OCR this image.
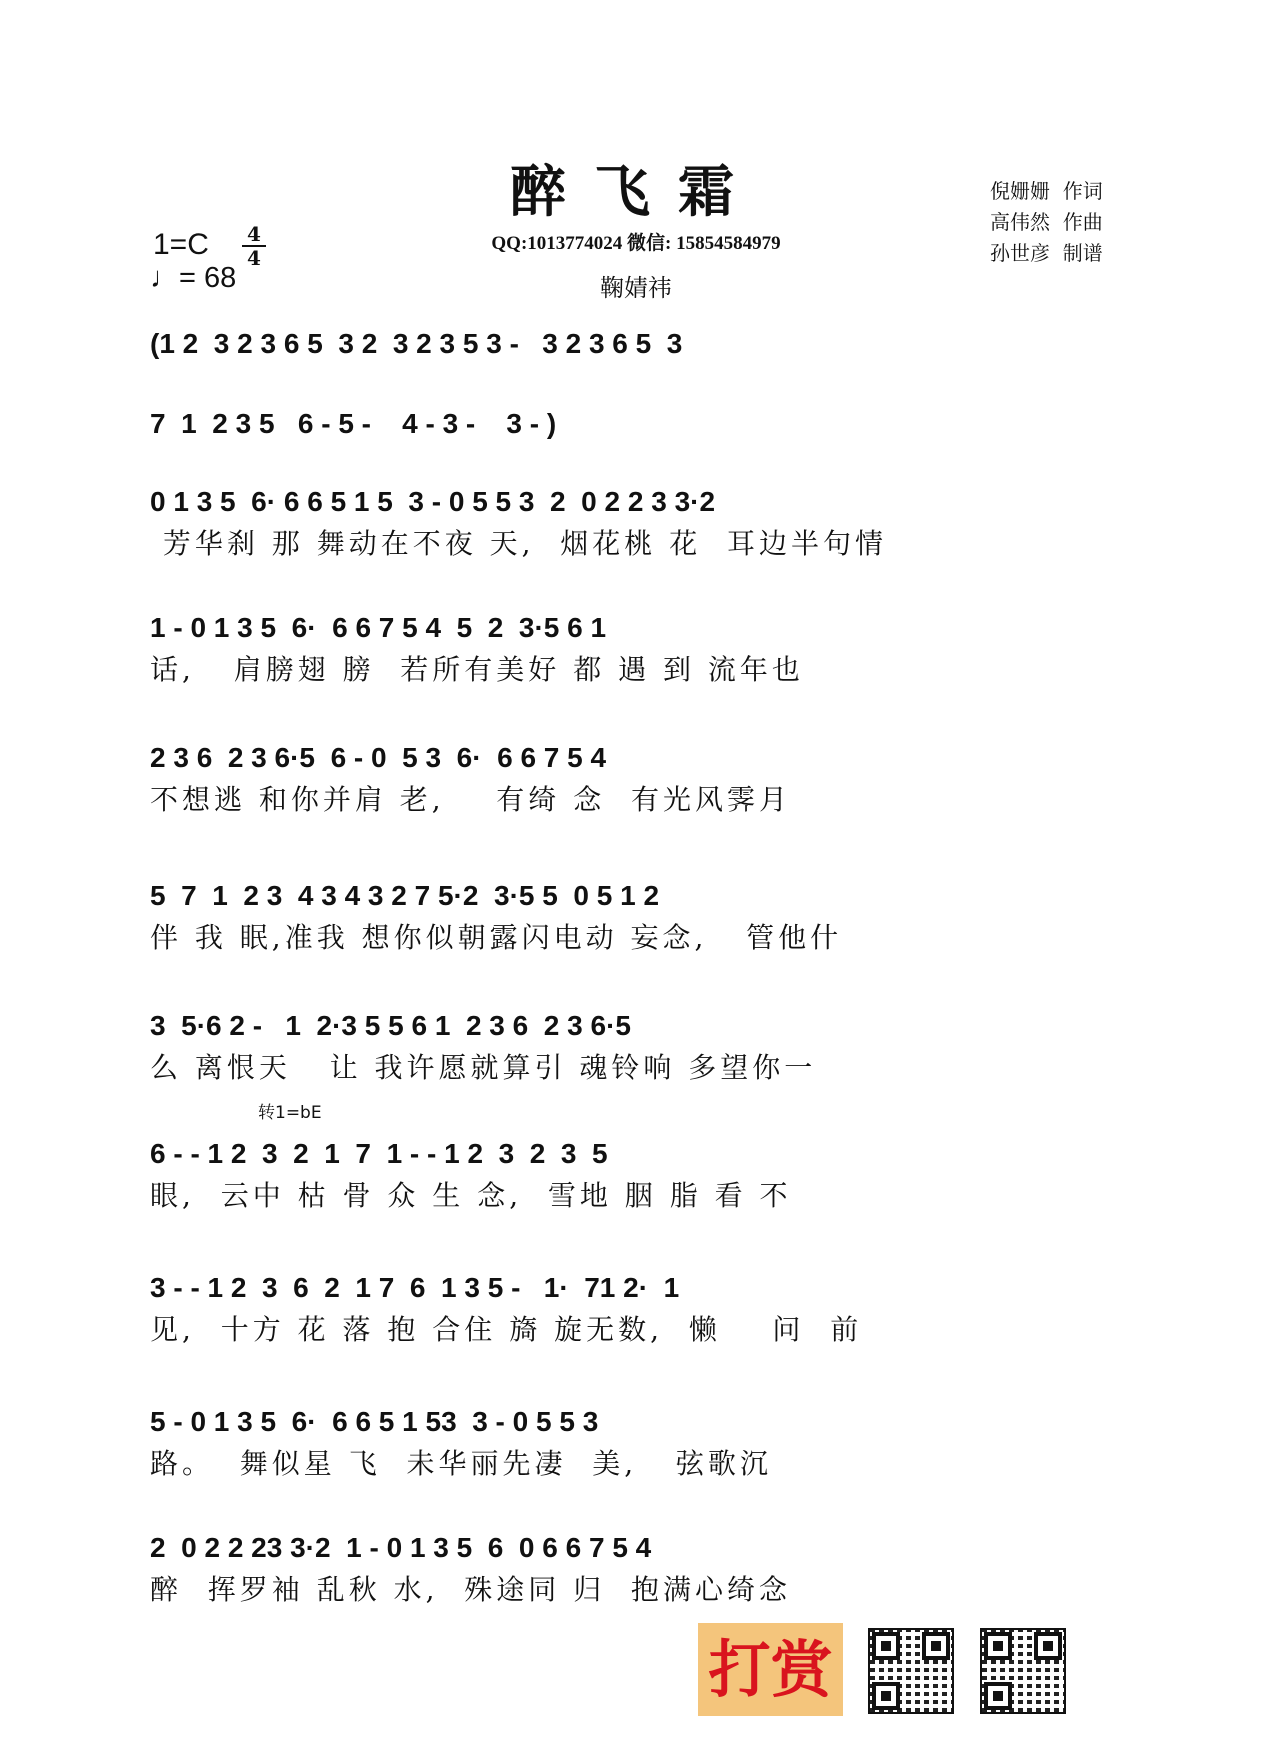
醉飞霜
QQ:1013774024 微信: 15854584979
鞠婧祎
1=C 4
4
♩= 68
倪姗姗  作词
高伟然  作曲
孙世彦  制谱
(1 2  3 2 3 6 5  3 2  3 2 3 5 3 -   3 2 3 6 5  3
7  1  2 3 5   6 - 5 -    4 - 3 -    3 - )
0 1 3 5  6· 6 6 5 1 5  3 - 0 5 5 3  2  0 2 2 3 3·2
芳华刹 那 舞动在不夜 天,  烟花桃 花  耳边半句情
1 - 0 1 3 5  6·  6 6 7 5 4  5  2  3·5 6 1
话,   肩膀翅 膀  若所有美好 都 遇 到 流年也
2 3 6  2 3 6·5  6 - 0  5 3  6·  6 6 7 5 4
不想逃 和你并肩 老,    有绮 念  有光风霁月
5  7  1  2 3  4 3 4 3 2 7 5·2  3·5 5  0 5 1 2
伴 我 眠,准我 想你似朝露闪电动 妄念,   管他什
3  5·6 2 -   1  2·3 5 5 6 1  2 3 6  2 3 6·5
么 离恨天   让 我许愿就算引 魂铃响 多望你一
6 - - 1 2  3  2  1  7  1 - - 1 2  3  2  3  5
眼,  云中 枯 骨 众 生 念,  雪地 胭 脂 看 不
3 - - 1 2  3  6  2  1 7  6  1 3 5 -   1·  71 2·  1
见,  十方 花 落 抱 合住 旖 旋无数,  懒    问  前
5 - 0 1 3 5  6·  6 6 5 1 53  3 - 0 5 5 3
路。  舞似星 飞  未华丽先凄  美,   弦歌沉
2  0 2 2 23 3·2  1 - 0 1 3 5  6  0 6 6 7 5 4
醉  挥罗袖 乱秋 水,  殊途同 归  抱满心绮念
转1=bE
打赏
